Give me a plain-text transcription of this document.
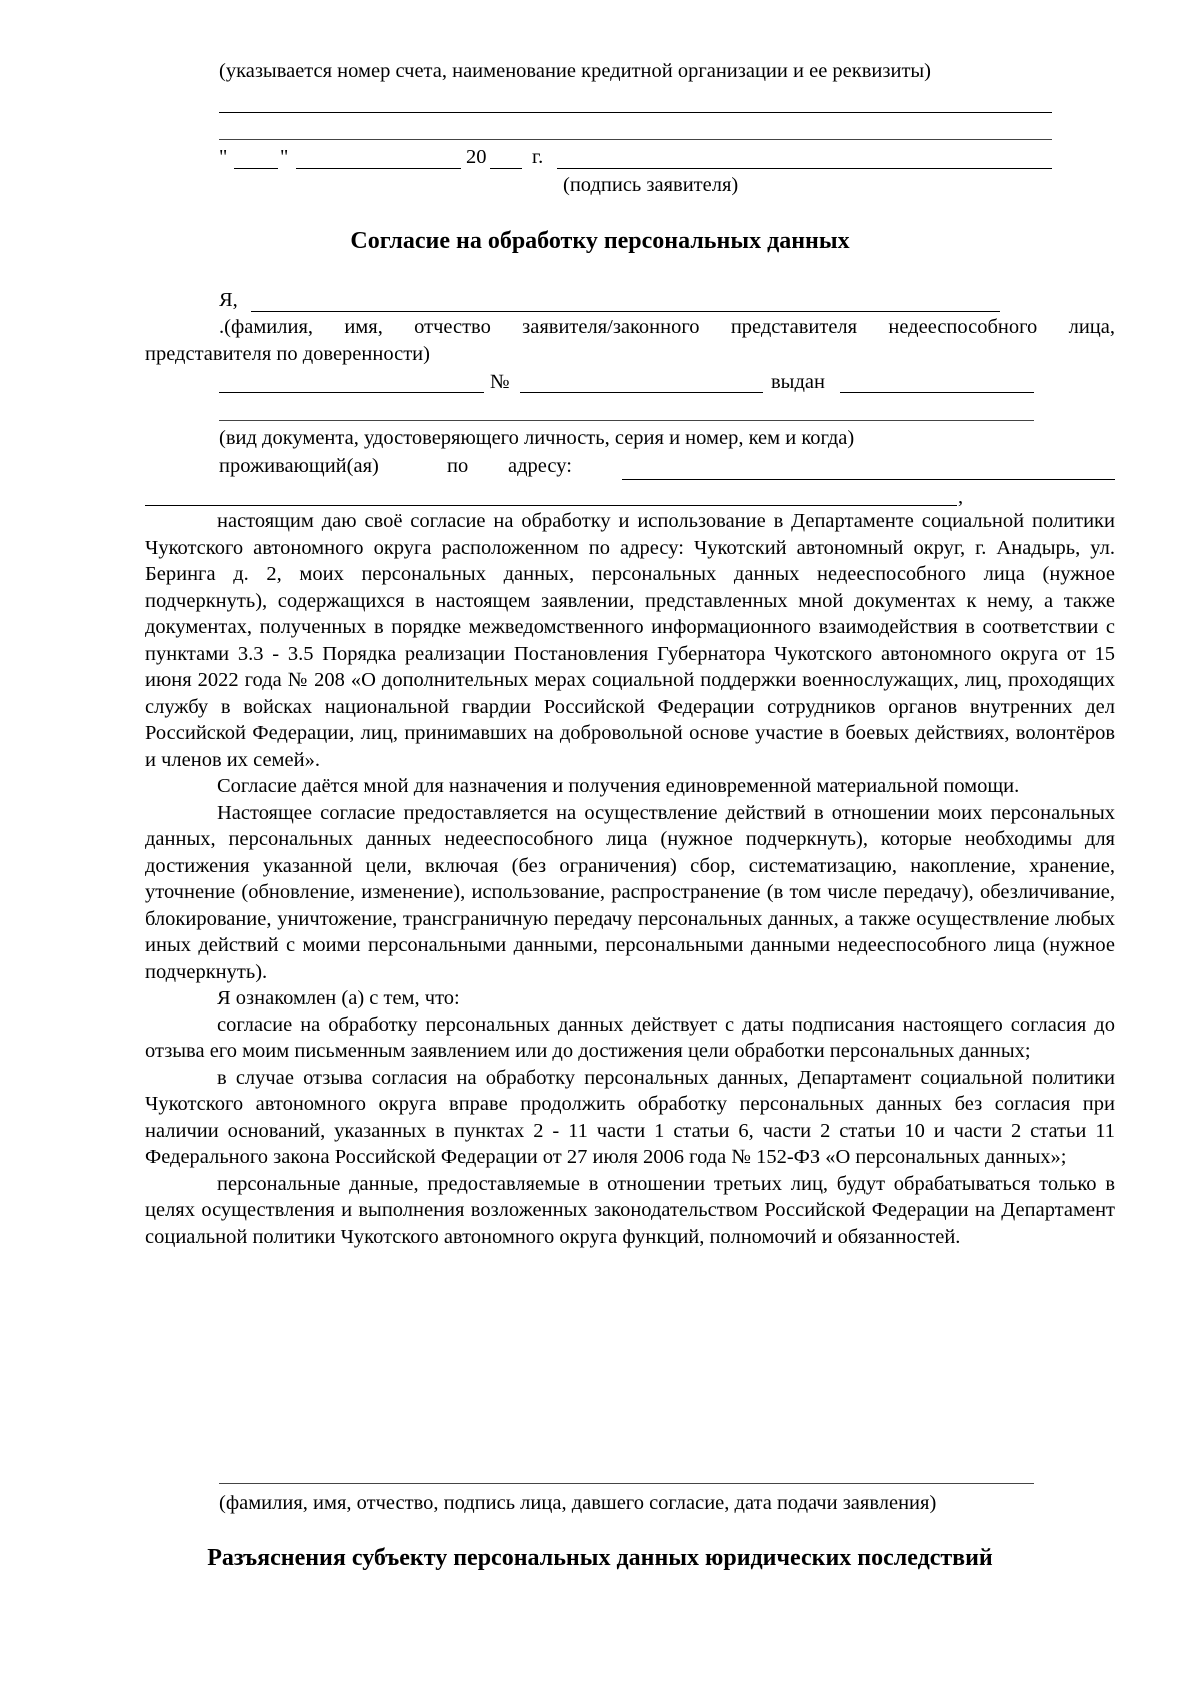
(указывается номер счета, наименование кредитной организации и ее реквизиты)
"	"	20 г.
(подпись заявителя)
Согласие на обработку персональных данных
Я,
.(фамилия, имя, отчество заявителя/законного представителя недееспособного лица,
представителя по доверенности)
№	выдан
(вид документа, удостоверяющего личность, серия и номер, кем и когда)
проживающий(ая)	по адресу:
,

настоящим даю своё согласие на обработку и использование в Департаменте социальной политики Чукотского автономного округа расположенном по адресу: Чукотский автономный округ, г. Анадырь, ул. Беринга д. 2, моих персональных данных, персональных данных недееспособного лица (нужное подчеркнуть), содержащихся в настоящем заявлении, представленных мной документах к нему, а также документах, полученных в порядке межведомственного информационного взаимодействия в соответствии с пунктами 3.3 - 3.5 Порядка реализации Постановления Губернатора Чукотского автономного округа от 15 июня 2022 года № 208 «О дополнительных мерах социальной поддержки военнослужащих, лиц, проходящих службу в войсках национальной гвардии Российской Федерации сотрудников органов внутренних дел Российской Федерации, лиц, принимавших на добровольной основе участие в боевых действиях, волонтёров и членов их семей».

Согласие даётся мной для назначения и получения единовременной материальной помощи.

Настоящее согласие предоставляется на осуществление действий в отношении моих персональных данных, персональных данных недееспособного лица (нужное подчеркнуть), которые необходимы для достижения указанной цели, включая (без ограничения) сбор, систематизацию, накопление, хранение, уточнение (обновление, изменение), использование, распространение (в том числе передачу), обезличивание, блокирование, уничтожение, трансграничную передачу персональных данных, а также осуществление любых иных действий с моими персональными данными, персональными данными недееспособного лица (нужное подчеркнуть).

Я ознакомлен (а) с тем, что:

согласие на обработку персональных данных действует с даты подписания настоящего согласия до отзыва его моим письменным заявлением или до достижения цели обработки персональных данных;

в случае отзыва согласия на обработку персональных данных, Департамент социальной политики Чукотского автономного округа вправе продолжить обработку персональных данных без согласия при наличии оснований, указанных в пунктах 2 - 11 части 1 статьи 6, части 2 статьи 10 и части 2 статьи 11 Федерального закона Российской Федерации от 27 июля 2006 года № 152-ФЗ «О персональных данных»;

персональные данные, предоставляемые в отношении третьих лиц, будут обрабатываться только в целях осуществления и выполнения возложенных законодательством Российской Федерации на Департамент социальной политики Чукотского автономного округа функций, полномочий и обязанностей.

(фамилия, имя, отчество, подпись лица, давшего согласие, дата подачи заявления)
Разъяснения субъекту персональных данных юридических последствий
